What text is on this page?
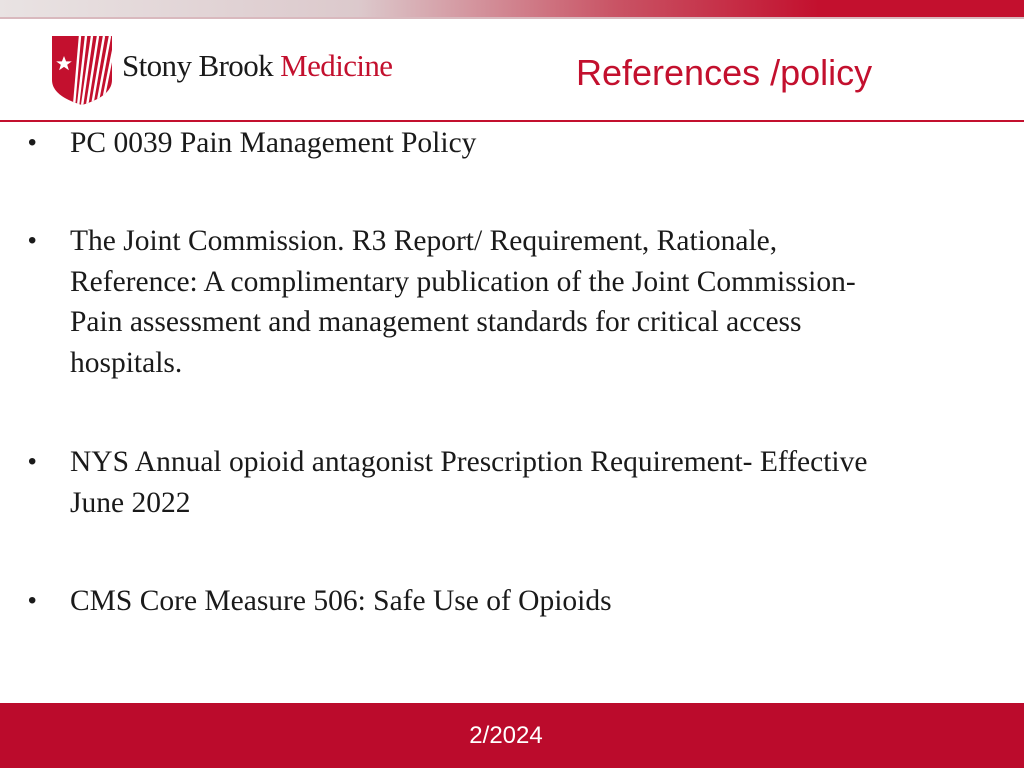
Stony Brook Medicine	References /policy
•	PC 0039 Pain Management Policy
•	The Joint Commission. R3 Report/ Requirement, Rationale, Reference: A complimentary publication of the Joint Commission-Pain assessment and management standards for critical access hospitals.
•	NYS Annual opioid antagonist Prescription Requirement- Effective June 2022
•	CMS Core Measure 506: Safe Use of Opioids
2/2024
